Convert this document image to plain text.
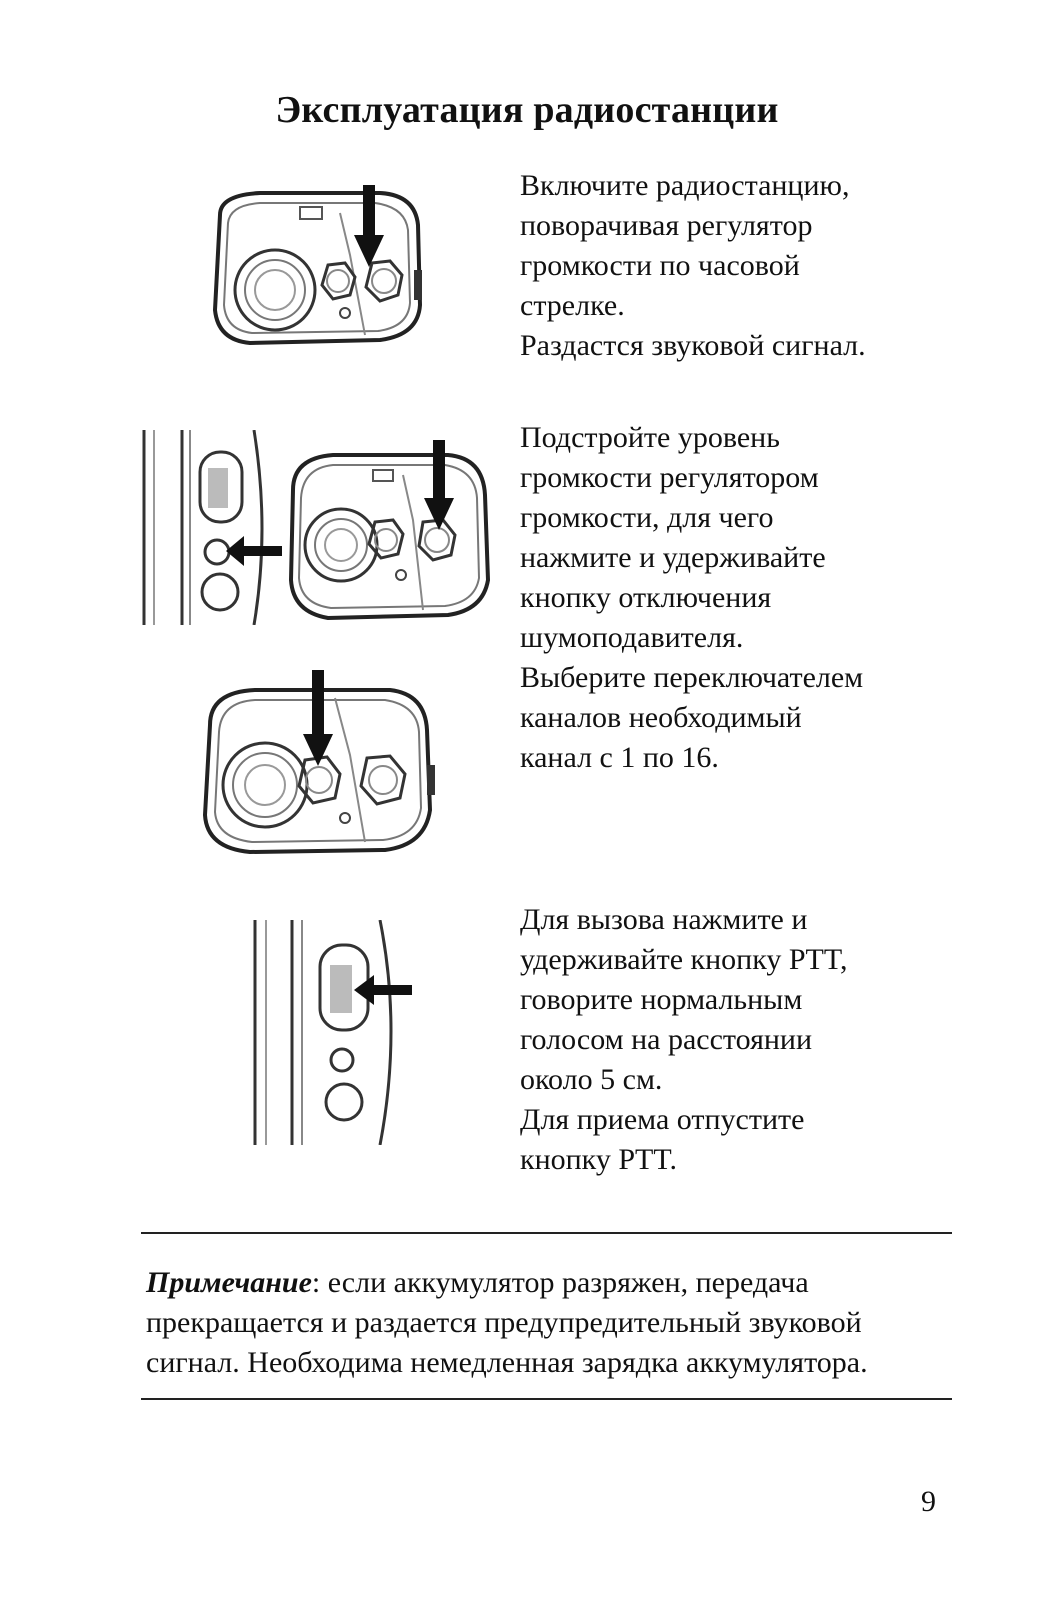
Эксплуатация радиостанции
Включите радиостанцию,
поворачивая регулятор
громкости по часовой
стрелке.
Раздастся звуковой сигнал.
Подстройте уровень
громкости регулятором
громкости, для чего
нажмите и удерживайте
кнопку отключения
шумоподавителя.
Выберите переключателем
каналов необходимый
канал с 1 по 16.
Для вызова нажмите и
удерживайте кнопку PTT,
говорите нормальным
голосом на расстоянии
около 5 см.
Для приема отпустите
кнопку PTT.
Примечание: если аккумулятор разряжен, передача прекращается и раздается предупредительный звуковой сигнал. Необходима немедленная зарядка аккумулятора.
9
